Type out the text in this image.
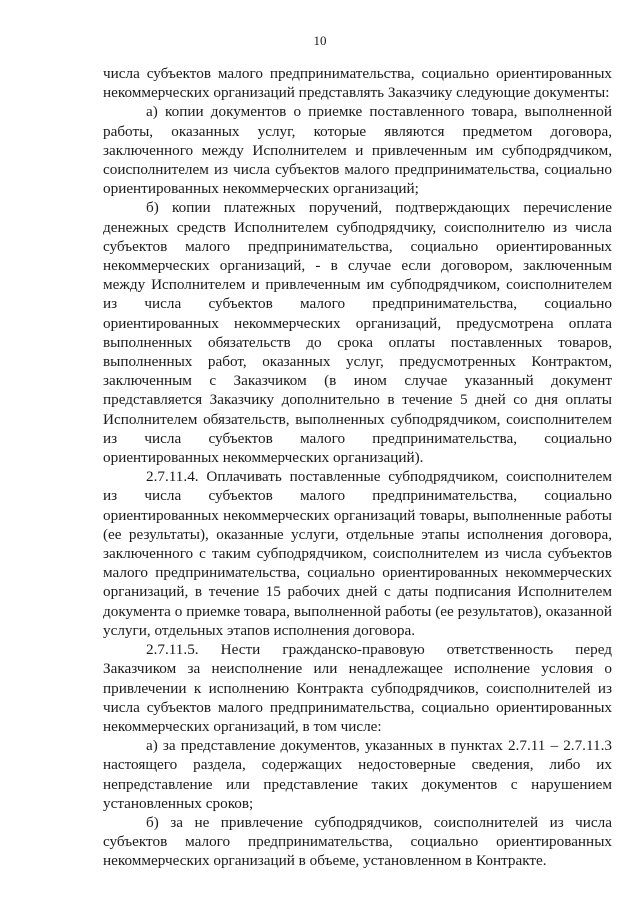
10

числа субъектов малого предпринимательства, социально ориентированных некоммерческих организаций представлять Заказчику следующие документы:

а) копии документов о приемке поставленного товара, выполненной работы, оказанных услуг, которые являются предметом договора, заключенного между Исполнителем и привлеченным им субподрядчиком, соисполнителем из числа субъектов малого предпринимательства, социально ориентированных некоммерческих организаций;

б) копии платежных поручений, подтверждающих перечисление денежных средств Исполнителем субподрядчику, соисполнителю из числа субъектов малого предпринимательства, социально ориентированных некоммерческих организаций, - в случае если договором, заключенным между Исполнителем и привлеченным им субподрядчиком, соисполнителем из числа субъектов малого предпринимательства, социально ориентированных некоммерческих организаций, предусмотрена оплата выполненных обязательств до срока оплаты поставленных товаров, выполненных работ, оказанных услуг, предусмотренных Контрактом, заключенным с Заказчиком (в ином случае указанный документ представляется Заказчику дополнительно в течение 5 дней со дня оплаты Исполнителем обязательств, выполненных субподрядчиком, соисполнителем из числа субъектов малого предпринимательства, социально ориентированных некоммерческих организаций).

2.7.11.4. Оплачивать поставленные субподрядчиком, соисполнителем из числа субъектов малого предпринимательства, социально ориентированных некоммерческих организаций товары, выполненные работы (ее результаты), оказанные услуги, отдельные этапы исполнения договора, заключенного с таким субподрядчиком, соисполнителем из числа субъектов малого предпринимательства, социально ориентированных некоммерческих организаций, в течение 15 рабочих дней с даты подписания Исполнителем документа о приемке товара, выполненной работы (ее результатов), оказанной услуги, отдельных этапов исполнения договора.

2.7.11.5. Нести гражданско-правовую ответственность перед Заказчиком за неисполнение или ненадлежащее исполнение условия о привлечении к исполнению Контракта субподрядчиков, соисполнителей из числа субъектов малого предпринимательства, социально ориентированных некоммерческих организаций, в том числе:

а) за представление документов, указанных в пунктах 2.7.11 – 2.7.11.3 настоящего раздела, содержащих недостоверные сведения, либо их непредставление или представление таких документов с нарушением установленных сроков;

б) за не привлечение субподрядчиков, соисполнителей из числа субъектов малого предпринимательства, социально ориентированных некоммерческих организаций в объеме, установленном в Контракте.
